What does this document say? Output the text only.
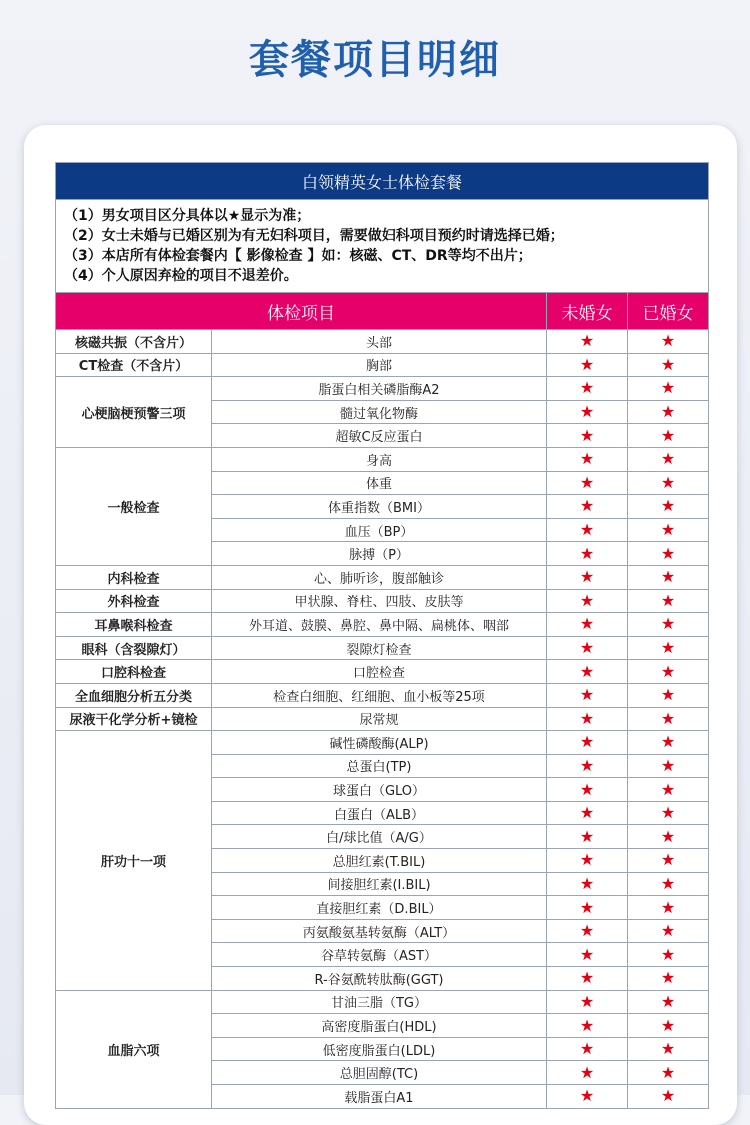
套餐项目明细
白领精英女士体检套餐			

（1）男女项目区分具体以★显示为准；
（2）女士未婚与已婚区别为有无妇科项目，需要做妇科项目预约时请选择已婚；
（3）本店所有体检套餐内【 影像检查 】如：核磁、CT、DR等均不出片；
（4）个人原因弃检的项目不退差价。			

体检项目		未婚女	已婚女
核磁共振（不含片）	头部	★	★
CT检查（不含片）	胸部	★	★
心梗脑梗预警三项	脂蛋白相关磷脂酶A2	★	★
	髓过氧化物酶	★	★
	超敏C反应蛋白	★	★
一般检查	身高	★	★
	体重	★	★
	体重指数（BMI）	★	★
	血压（BP）	★	★
	脉搏（P）	★	★
内科检查	心、肺听诊，腹部触诊	★	★
外科检查	甲状腺、脊柱、四肢、皮肤等	★	★
耳鼻喉科检查	外耳道、鼓膜、鼻腔、鼻中隔、扁桃体、咽部	★	★
眼科（含裂隙灯）	裂隙灯检查	★	★
口腔科检查	口腔检查	★	★
全血细胞分析五分类	检查白细胞、红细胞、血小板等25项	★	★
尿液干化学分析+镜检	尿常规	★	★
肝功十一项	碱性磷酸酶(ALP)	★	★
	总蛋白(TP)	★	★
	球蛋白（GLO）	★	★
	白蛋白（ALB）	★	★
	白/球比值（A/G）	★	★
	总胆红素(T.BIL)	★	★
	间接胆红素(I.BIL)	★	★
	直接胆红素（D.BIL）	★	★
	丙氨酸氨基转氨酶（ALT）	★	★
	谷草转氨酶（AST）	★	★
	R-谷氨酰转肽酶(GGT)	★	★
血脂六项	甘油三脂（TG）	★	★
	高密度脂蛋白(HDL)	★	★
	低密度脂蛋白(LDL)	★	★
	总胆固醇(TC)	★	★
	载脂蛋白A1	★	★
